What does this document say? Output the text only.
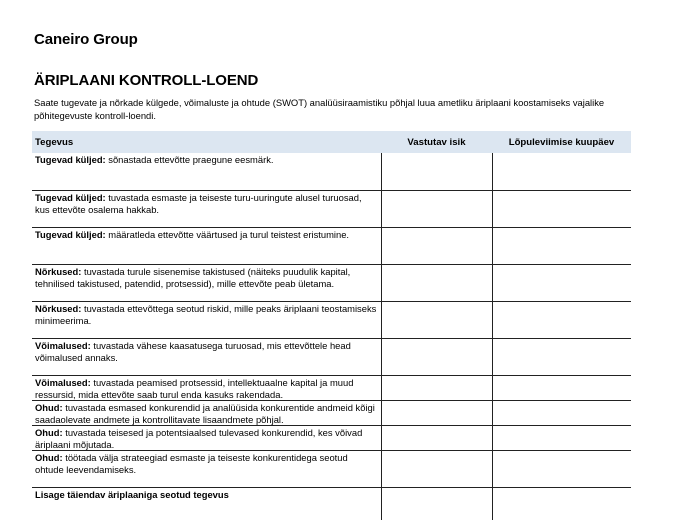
Caneiro Group
ÄRIPLAANI KONTROLL-LOEND
Saate tugevate ja nõrkade külgede, võimaluste ja ohtude (SWOT) analüüsiraamistiku põhjal luua ametliku äriplaani koostamiseks vajalike põhitegevuste kontroll-loendi.
Tegevus	Vastutav isik	Lõpuleviimise kuupäev
Tugevad küljed: sõnastada ettevõtte praegune eesmärk.
Tugevad küljed: tuvastada esmaste ja teiseste turu-uuringute alusel turuosad, kus ettevõte osalema hakkab.
Tugevad küljed: määratleda ettevõtte väärtused ja turul teistest eristumine.
Nõrkused: tuvastada turule sisenemise takistused (näiteks puudulik kapital, tehnilised takistused, patendid, protsessid), mille ettevõte peab ületama.
Nõrkused: tuvastada ettevõttega seotud riskid, mille peaks äriplaani teostamiseks minimeerima.
Võimalused: tuvastada vähese kaasatusega turuosad, mis ettevõttele head võimalused annaks.
Võimalused: tuvastada peamised protsessid, intellektuaalne kapital ja muud ressursid, mida ettevõte saab turul enda kasuks rakendada.
Ohud: tuvastada esmased konkurendid ja analüüsida konkurentide andmeid kõigi saadaolevate andmete ja kontrollitavate lisaandmete põhjal.
Ohud: tuvastada teisesed ja potentsiaalsed tulevased konkurendid, kes võivad äriplaani mõjutada.
Ohud: töötada välja strateegiad esmaste ja teiseste konkurentidega seotud ohtude leevendamiseks.
Lisage täiendav äriplaaniga seotud tegevus
